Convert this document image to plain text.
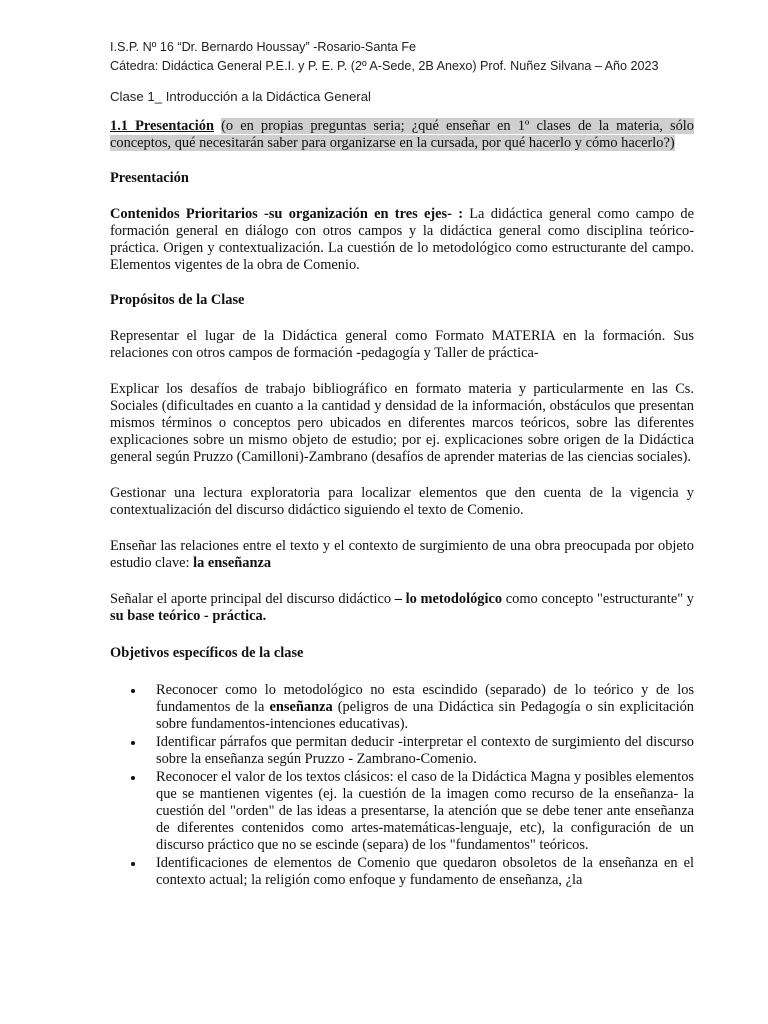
I.S.P. Nº 16 “Dr. Bernardo Houssay” -Rosario-Santa Fe
Cátedra: Didáctica General P.E.I. y P. E. P. (2º A-Sede, 2B Anexo) Prof. Nuñez Silvana – Año 2023
Clase 1_ Introducción a la Didáctica General

1.1 Presentación (o en propias preguntas seria; ¿qué enseñar en 1º clases de la materia, sólo conceptos, qué necesitarán saber para organizarse en la cursada, por qué hacerlo y cómo hacerlo?)

Presentación

Contenidos Prioritarios -su organización en tres ejes- : La didáctica general como campo de formación general en diálogo con otros campos y la didáctica general como disciplina teórico-práctica. Origen y contextualización. La cuestión de lo metodológico como estructurante del campo. Elementos vigentes de la obra de Comenio.

Propósitos de la Clase

Representar el lugar de la Didáctica general como Formato MATERIA en la formación. Sus relaciones con otros campos de formación -pedagogía y Taller de práctica-

Explicar los desafíos de trabajo bibliográfico en formato materia y particularmente en las Cs. Sociales (dificultades en cuanto a la cantidad y densidad de la información, obstáculos que presentan mismos términos o conceptos pero ubicados en diferentes marcos teóricos, sobre las diferentes explicaciones sobre un mismo objeto de estudio; por ej. explicaciones sobre origen de la Didáctica general según Pruzzo (Camilloni)-Zambrano (desafíos de aprender materias de las ciencias sociales).

Gestionar una lectura exploratoria para localizar elementos que den cuenta de la vigencia y contextualización del discurso didáctico siguiendo el texto de Comenio.

Enseñar las relaciones entre el texto y el contexto de surgimiento de una obra preocupada por objeto estudio clave: la enseñanza

Señalar el aporte principal del discurso didáctico – lo metodológico como concepto "estructurante" y su base teórico - práctica.

Objetivos específicos de la clase

Reconocer como lo metodológico no esta escindido (separado) de lo teórico y de los fundamentos de la enseñanza (peligros de una Didáctica sin Pedagogía o sin explicitación sobre fundamentos-intenciones educativas).
Identificar párrafos que permitan deducir -interpretar el contexto de surgimiento del discurso sobre la enseñanza según Pruzzo - Zambrano-Comenio.
Reconocer el valor de los textos clásicos: el caso de la Didáctica Magna y posibles elementos que se mantienen vigentes (ej. la cuestión de la imagen como recurso de la enseñanza- la cuestión del "orden" de las ideas a presentarse, la atención que se debe tener ante enseñanza de diferentes contenidos como artes-matemáticas-lenguaje, etc), la configuración de un discurso práctico que no se escinde (separa) de los "fundamentos" teóricos.
Identificaciones de elementos de Comenio que quedaron obsoletos de la enseñanza en el contexto actual; la religión como enfoque y fundamento de enseñanza, ¿la
